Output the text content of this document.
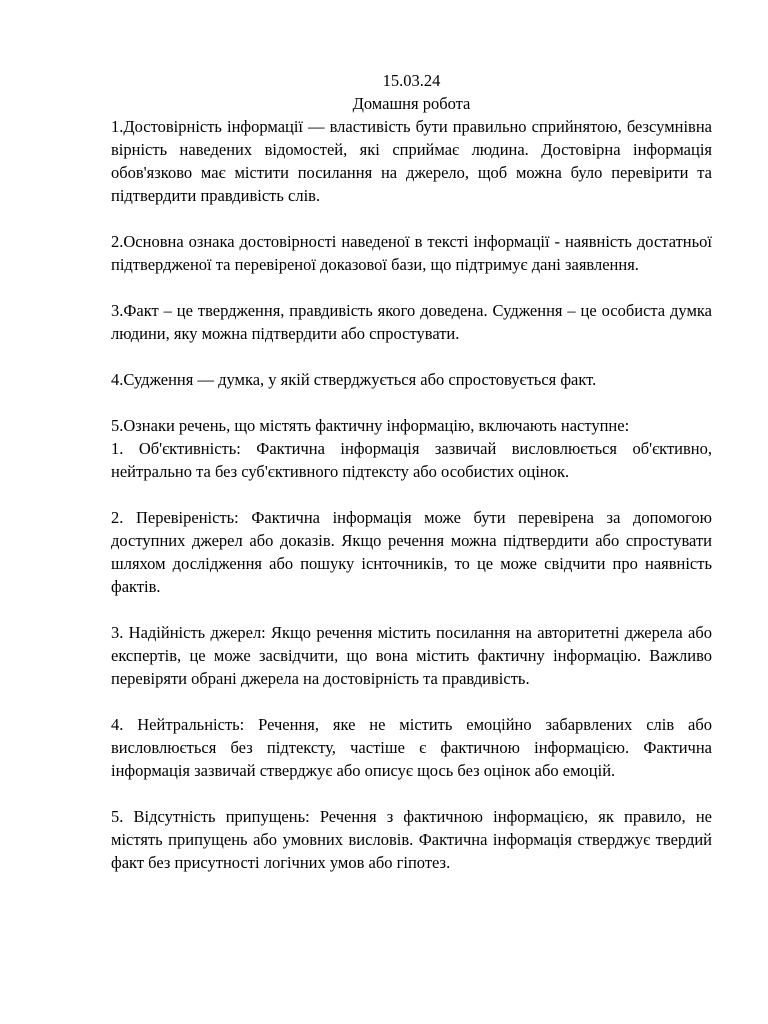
15.03.24

Домашня робота

1.Достовірність інформації — властивість бути правильно сприйнятою, безсумнівна вірність наведених відомостей, які сприймає людина. Достовірна інформація обов'язково має містити посилання на джерело, щоб можна було перевірити та підтвердити правдивість слів.

2.Основна ознака достовірності наведеної в тексті інформації - наявність достатньої підтвердженої та перевіреної доказової бази, що підтримує дані заявлення.

3.Факт – це твердження, правдивість якого доведена. Судження – це особиста думка людини, яку можна підтвердити або спростувати.

4.Судження — думка, у якій стверджується або спростовується факт.

5.Ознаки речень, що містять фактичну інформацію, включають наступне:

1. Об'єктивність: Фактична інформація зазвичай висловлюється об'єктивно, нейтрально та без суб'єктивного підтексту або особистих оцінок.

2. Перевіреність: Фактична інформація може бути перевірена за допомогою доступних джерел або доказів. Якщо речення можна підтвердити або спростувати шляхом дослідження або пошуку існточників, то це може свідчити про наявність фактів.

3. Надійність джерел: Якщо речення містить посилання на авторитетні джерела або експертів, це може засвідчити, що вона містить фактичну інформацію. Важливо перевіряти обрані джерела на достовірність та правдивість.

4. Нейтральність: Речення, яке не містить емоційно забарвлених слів або висловлюється без підтексту, частіше є фактичною інформацією. Фактична інформація зазвичай стверджує або описує щось без оцінок або емоцій.

5. Відсутність припущень: Речення з фактичною інформацією, як правило, не містять припущень або умовних висловів. Фактична інформація стверджує твердий факт без присутності логічних умов або гіпотез.
